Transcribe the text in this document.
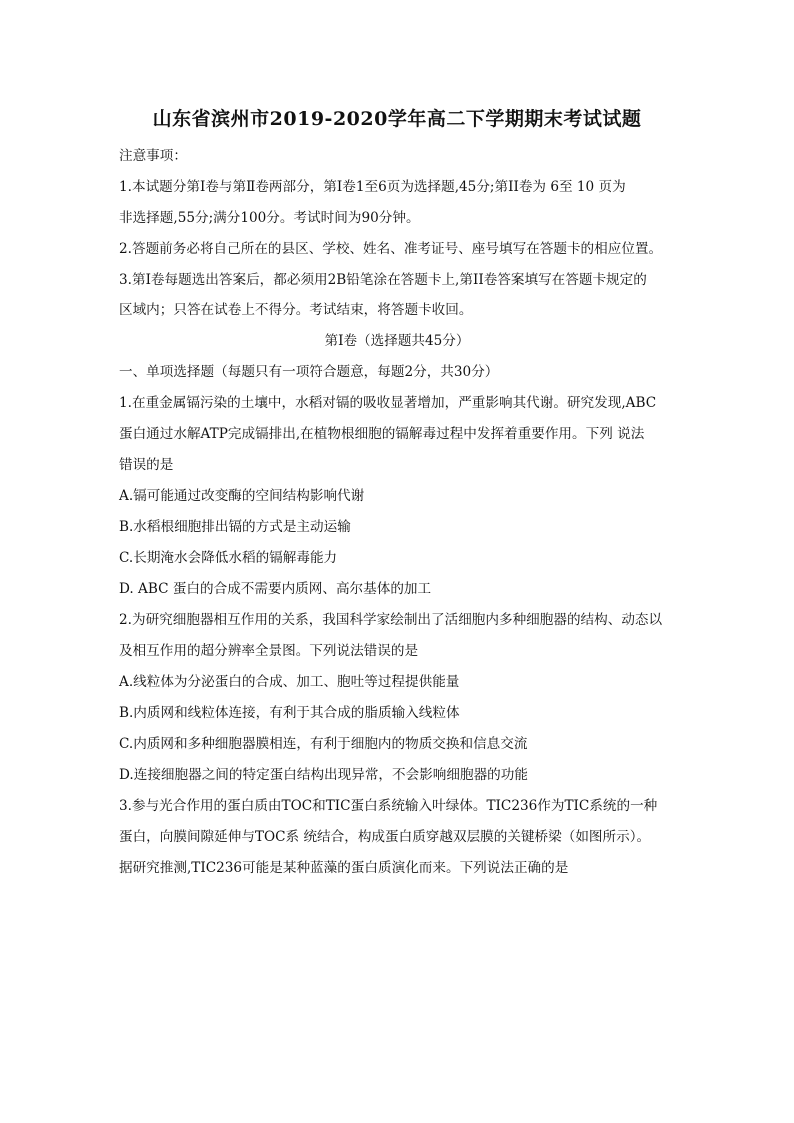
山东省滨州市2019-2020学年高二下学期期末考试试题
注意事项：
1.本试题分第Ⅰ卷与第Ⅱ卷两部分，第Ⅰ卷1至6页为选择题,45分;第II卷为 6至 10 页为
非选择题,55分;满分100分。考试时间为90分钟。
2.答题前务必将自己所在的县区、学校、姓名、准考证号、座号填写在答题卡的相应位置。
3.第Ⅰ卷每题选出答案后，都必须用2B铅笔涂在答题卡上,第II卷答案填写在答题卡规定的
区域内；只答在试卷上不得分。考试结束，将答题卡收回。
第Ⅰ卷（选择题共45分）
一、单项选择题（每题只有一项符合题意，每题2分，共30分）
1.在重金属镉污染的土壤中，水稻对镉的吸收显著增加，严重影响其代谢。研究发现,ABC
蛋白通过水解ATP完成镉排出,在植物根细胞的镉解毒过程中发挥着重要作用。下列 说法
错误的是
A.镉可能通过改变酶的空间结构影响代谢
B.水稻根细胞排出镉的方式是主动运输
C.长期淹水会降低水稻的镉解毒能力
D. ABC 蛋白的合成不需要内质网、高尔基体的加工
2.为研究细胞器相互作用的关系，我国科学家绘制出了活细胞内多种细胞器的结构、动态以
及相互作用的超分辨率全景图。下列说法错误的是
A.线粒体为分泌蛋白的合成、加工、胞吐等过程提供能量
B.内质网和线粒体连接，有利于其合成的脂质输入线粒体
C.内质网和多种细胞器膜相连，有利于细胞内的物质交换和信息交流
D.连接细胞器之间的特定蛋白结构出现异常，不会影响细胞器的功能
3.参与光合作用的蛋白质由TOC和TIC蛋白系统输入叶绿体。TIC236作为TIC系统的一种
蛋白，向膜间隙延伸与TOC系 统结合，构成蛋白质穿越双层膜的关键桥梁（如图所示）。
据研究推测,TIC236可能是某种蓝藻的蛋白质演化而来。下列说法正确的是
